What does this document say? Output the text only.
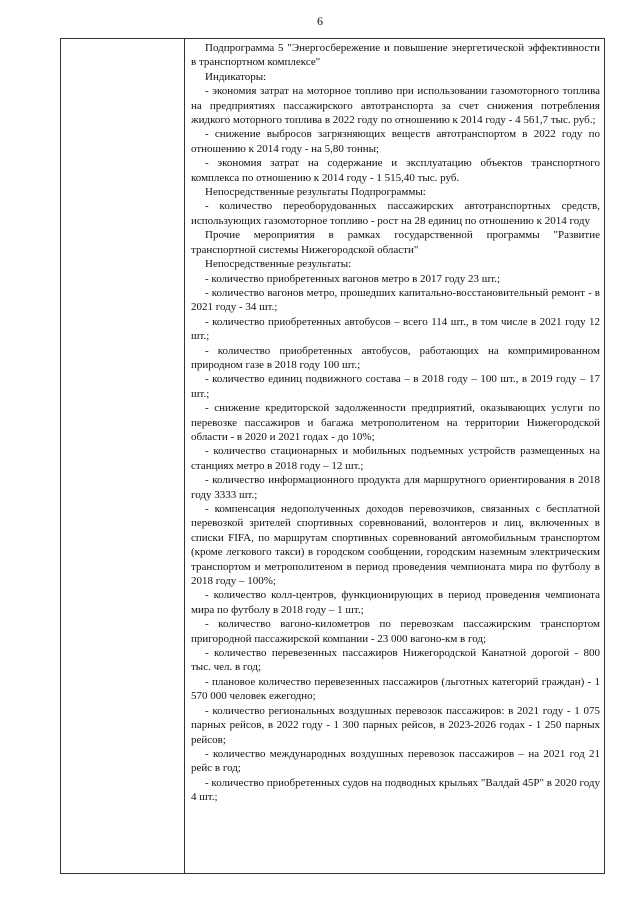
6

Подпрограмма 5 "Энергосбережение и повышение энергетической эффективности в транспортном комплексе"

Индикаторы:

- экономия затрат на моторное топливо при использовании газомоторного топлива на предприятиях пассажирского автотранспорта за счет снижения потребления жидкого моторного топлива в 2022 году по отношению к 2014 году - 4 561,7 тыс. руб.;

- снижение выбросов загрязняющих веществ автотранспортом в 2022 году по отношению к 2014 году - на 5,80 тонны;

- экономия затрат на содержание и эксплуатацию объектов транспортного комплекса по отношению к 2014 году - 1 515,40 тыс. руб.

Непосредственные результаты Подпрограммы:

- количество переоборудованных пассажирских автотранспортных средств, использующих газомоторное топливо - рост на 28 единиц по отношению к 2014 году

Прочие мероприятия в рамках государственной программы "Развитие транспортной системы Нижегородской области"

Непосредственные результаты:

- количество приобретенных вагонов метро в 2017 году 23 шт.;

- количество вагонов метро, прошедших капитально-восстановительный ремонт - в 2021 году - 34 шт.;

- количество приобретенных автобусов – всего 114 шт., в том числе в 2021 году 12 шт.;

- количество приобретенных автобусов, работающих на компримированном природном газе в 2018 году 100 шт.;

- количество единиц подвижного состава – в 2018 году – 100 шт., в 2019 году – 17 шт.;

- снижение кредиторской задолженности предприятий, оказывающих услуги по перевозке пассажиров и багажа метрополитеном на территории Нижегородской области - в 2020 и 2021 годах - до 10%;

- количество стационарных и мобильных подъемных устройств размещенных на станциях метро в 2018 году – 12 шт.;

- количество информационного продукта для маршрутного ориентирования в 2018 году 3333 шт.;

- компенсация недополученных доходов перевозчиков, связанных с бесплатной перевозкой зрителей спортивных соревнований, волонтеров и лиц, включенных в списки FIFA, по маршрутам спортивных соревнований автомобильным транспортом (кроме легкового такси) в городском сообщении, городским наземным электрическим транспортом и метрополитеном в период проведения чемпионата мира по футболу в 2018 году – 100%;

- количество колл-центров, функционирующих в период проведения чемпионата мира по футболу в 2018 году – 1 шт.;

- количество вагоно-километров по перевозкам пассажирским транспортом пригородной пассажирской компании - 23 000 вагоно-км в год;

- количество перевезенных пассажиров Нижегородской Канатной дорогой - 800 тыс. чел. в год;

- плановое количество перевезенных пассажиров (льготных категорий граждан) - 1 570 000 человек ежегодно;

- количество региональных воздушных перевозок пассажиров: в 2021 году - 1 075 парных рейсов, в 2022 году - 1 300 парных рейсов, в 2023-2026 годах - 1 250 парных рейсов;

- количество международных воздушных перевозок пассажиров – на 2021 год 21 рейс в год;

- количество приобретенных судов на подводных крыльях "Валдай 45Р" в 2020 году 4 шт.;
